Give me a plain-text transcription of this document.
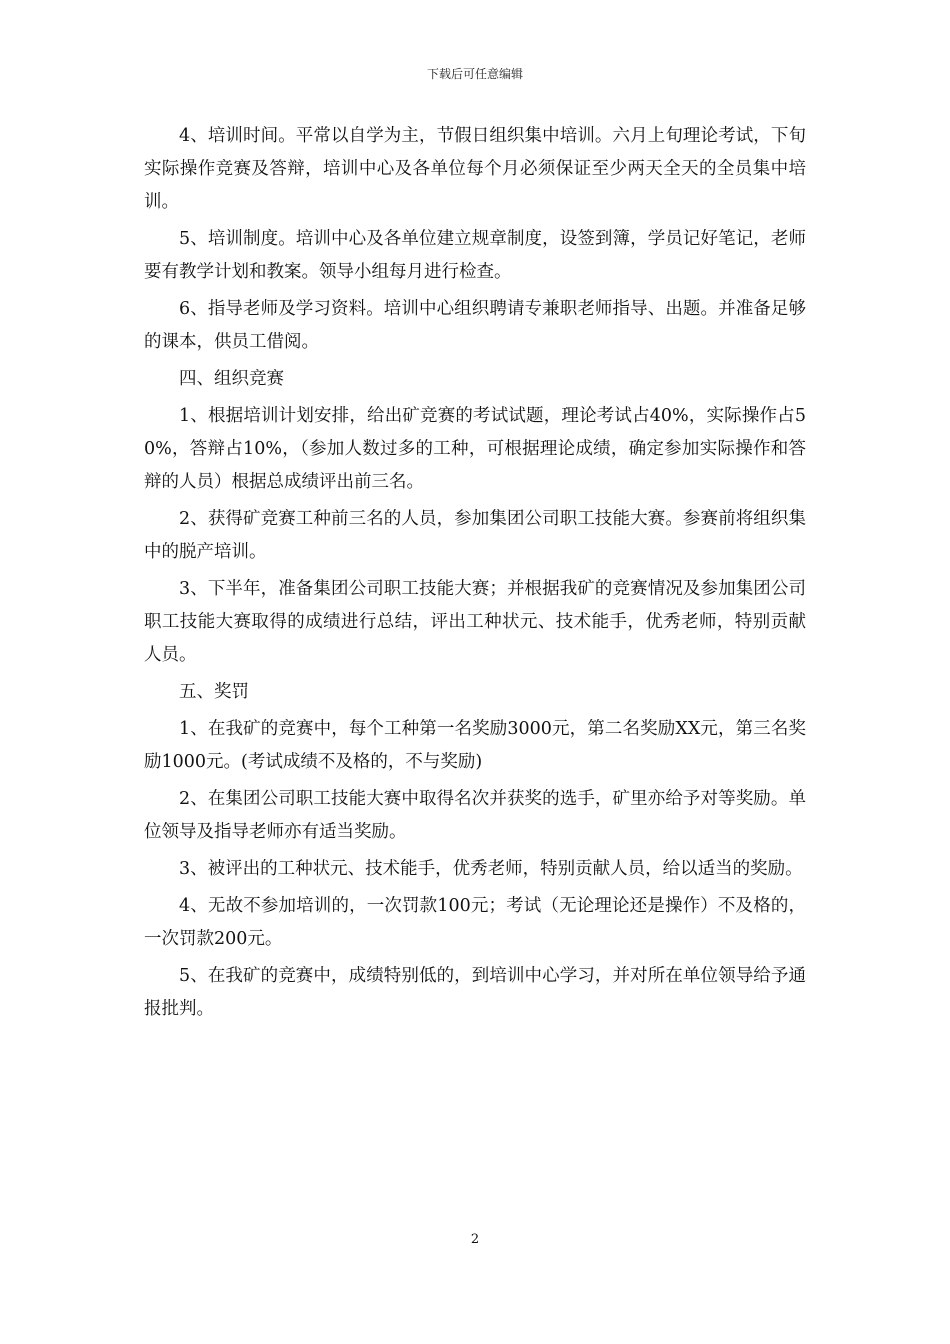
下载后可任意编辑

4、培训时间。平常以自学为主，节假日组织集中培训。六月上旬理论考试，下旬实际操作竞赛及答辩，培训中心及各单位每个月必须保证至少两天全天的全员集中培训。

5、培训制度。培训中心及各单位建立规章制度，设签到簿，学员记好笔记，老师要有教学计划和教案。领导小组每月进行检查。

6、指导老师及学习资料。培训中心组织聘请专兼职老师指导、出题。并准备足够的课本，供员工借阅。

四、组织竞赛

1、根据培训计划安排，给出矿竞赛的考试试题，理论考试占40%，实际操作占50%，答辩占10%，（参加人数过多的工种，可根据理论成绩，确定参加实际操作和答辩的人员）根据总成绩评出前三名。

2、获得矿竞赛工种前三名的人员，参加集团公司职工技能大赛。参赛前将组织集中的脱产培训。

3、下半年，准备集团公司职工技能大赛；并根据我矿的竞赛情况及参加集团公司职工技能大赛取得的成绩进行总结，评出工种状元、技术能手，优秀老师，特别贡献人员。

五、奖罚

1、在我矿的竞赛中，每个工种第一名奖励3000元，第二名奖励XX元，第三名奖励1000元。(考试成绩不及格的，不与奖励)

2、在集团公司职工技能大赛中取得名次并获奖的选手，矿里亦给予对等奖励。单位领导及指导老师亦有适当奖励。

3、被评出的工种状元、技术能手，优秀老师，特别贡献人员，给以适当的奖励。

4、无故不参加培训的，一次罚款100元；考试（无论理论还是操作）不及格的，一次罚款200元。

5、在我矿的竞赛中，成绩特别低的，到培训中心学习，并对所在单位领导给予通报批判。

2
